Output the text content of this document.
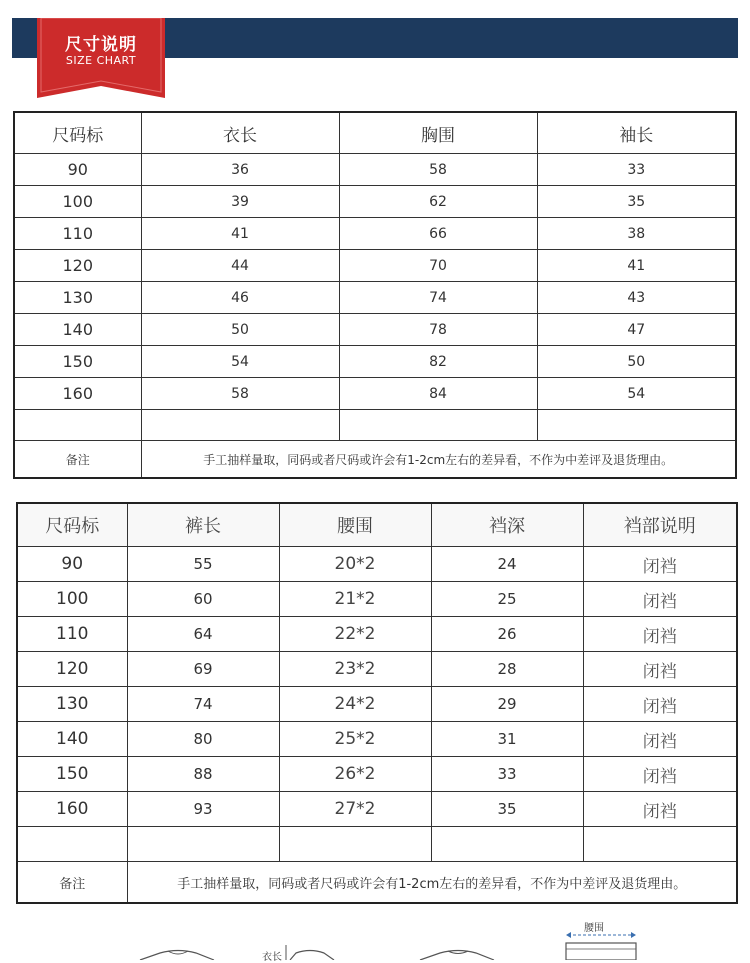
尺寸说明
SIZE CHART
尺码标	衣长	胸围	袖长
90	36	58	33
100	39	62	35
110	41	66	38
120	44	70	41
130	46	74	43
140	50	78	47
150	54	82	50
160	58	84	54

备注	手工抽样量取，同码或者尺码或许会有1-2cm左右的差异看，不作为中差评及退货理由。		
尺码标	裤长	腰围	裆深	裆部说明
90	55	20*2	24	闭裆
100	60	21*2	25	闭裆
110	64	22*2	26	闭裆
120	69	23*2	28	闭裆
130	74	24*2	29	闭裆
140	80	25*2	31	闭裆
150	88	26*2	33	闭裆
160	93	27*2	35	闭裆

备注	手工抽样量取，同码或者尺码或许会有1-2cm左右的差异看，不作为中差评及退货理由。			
腰围
衣长
